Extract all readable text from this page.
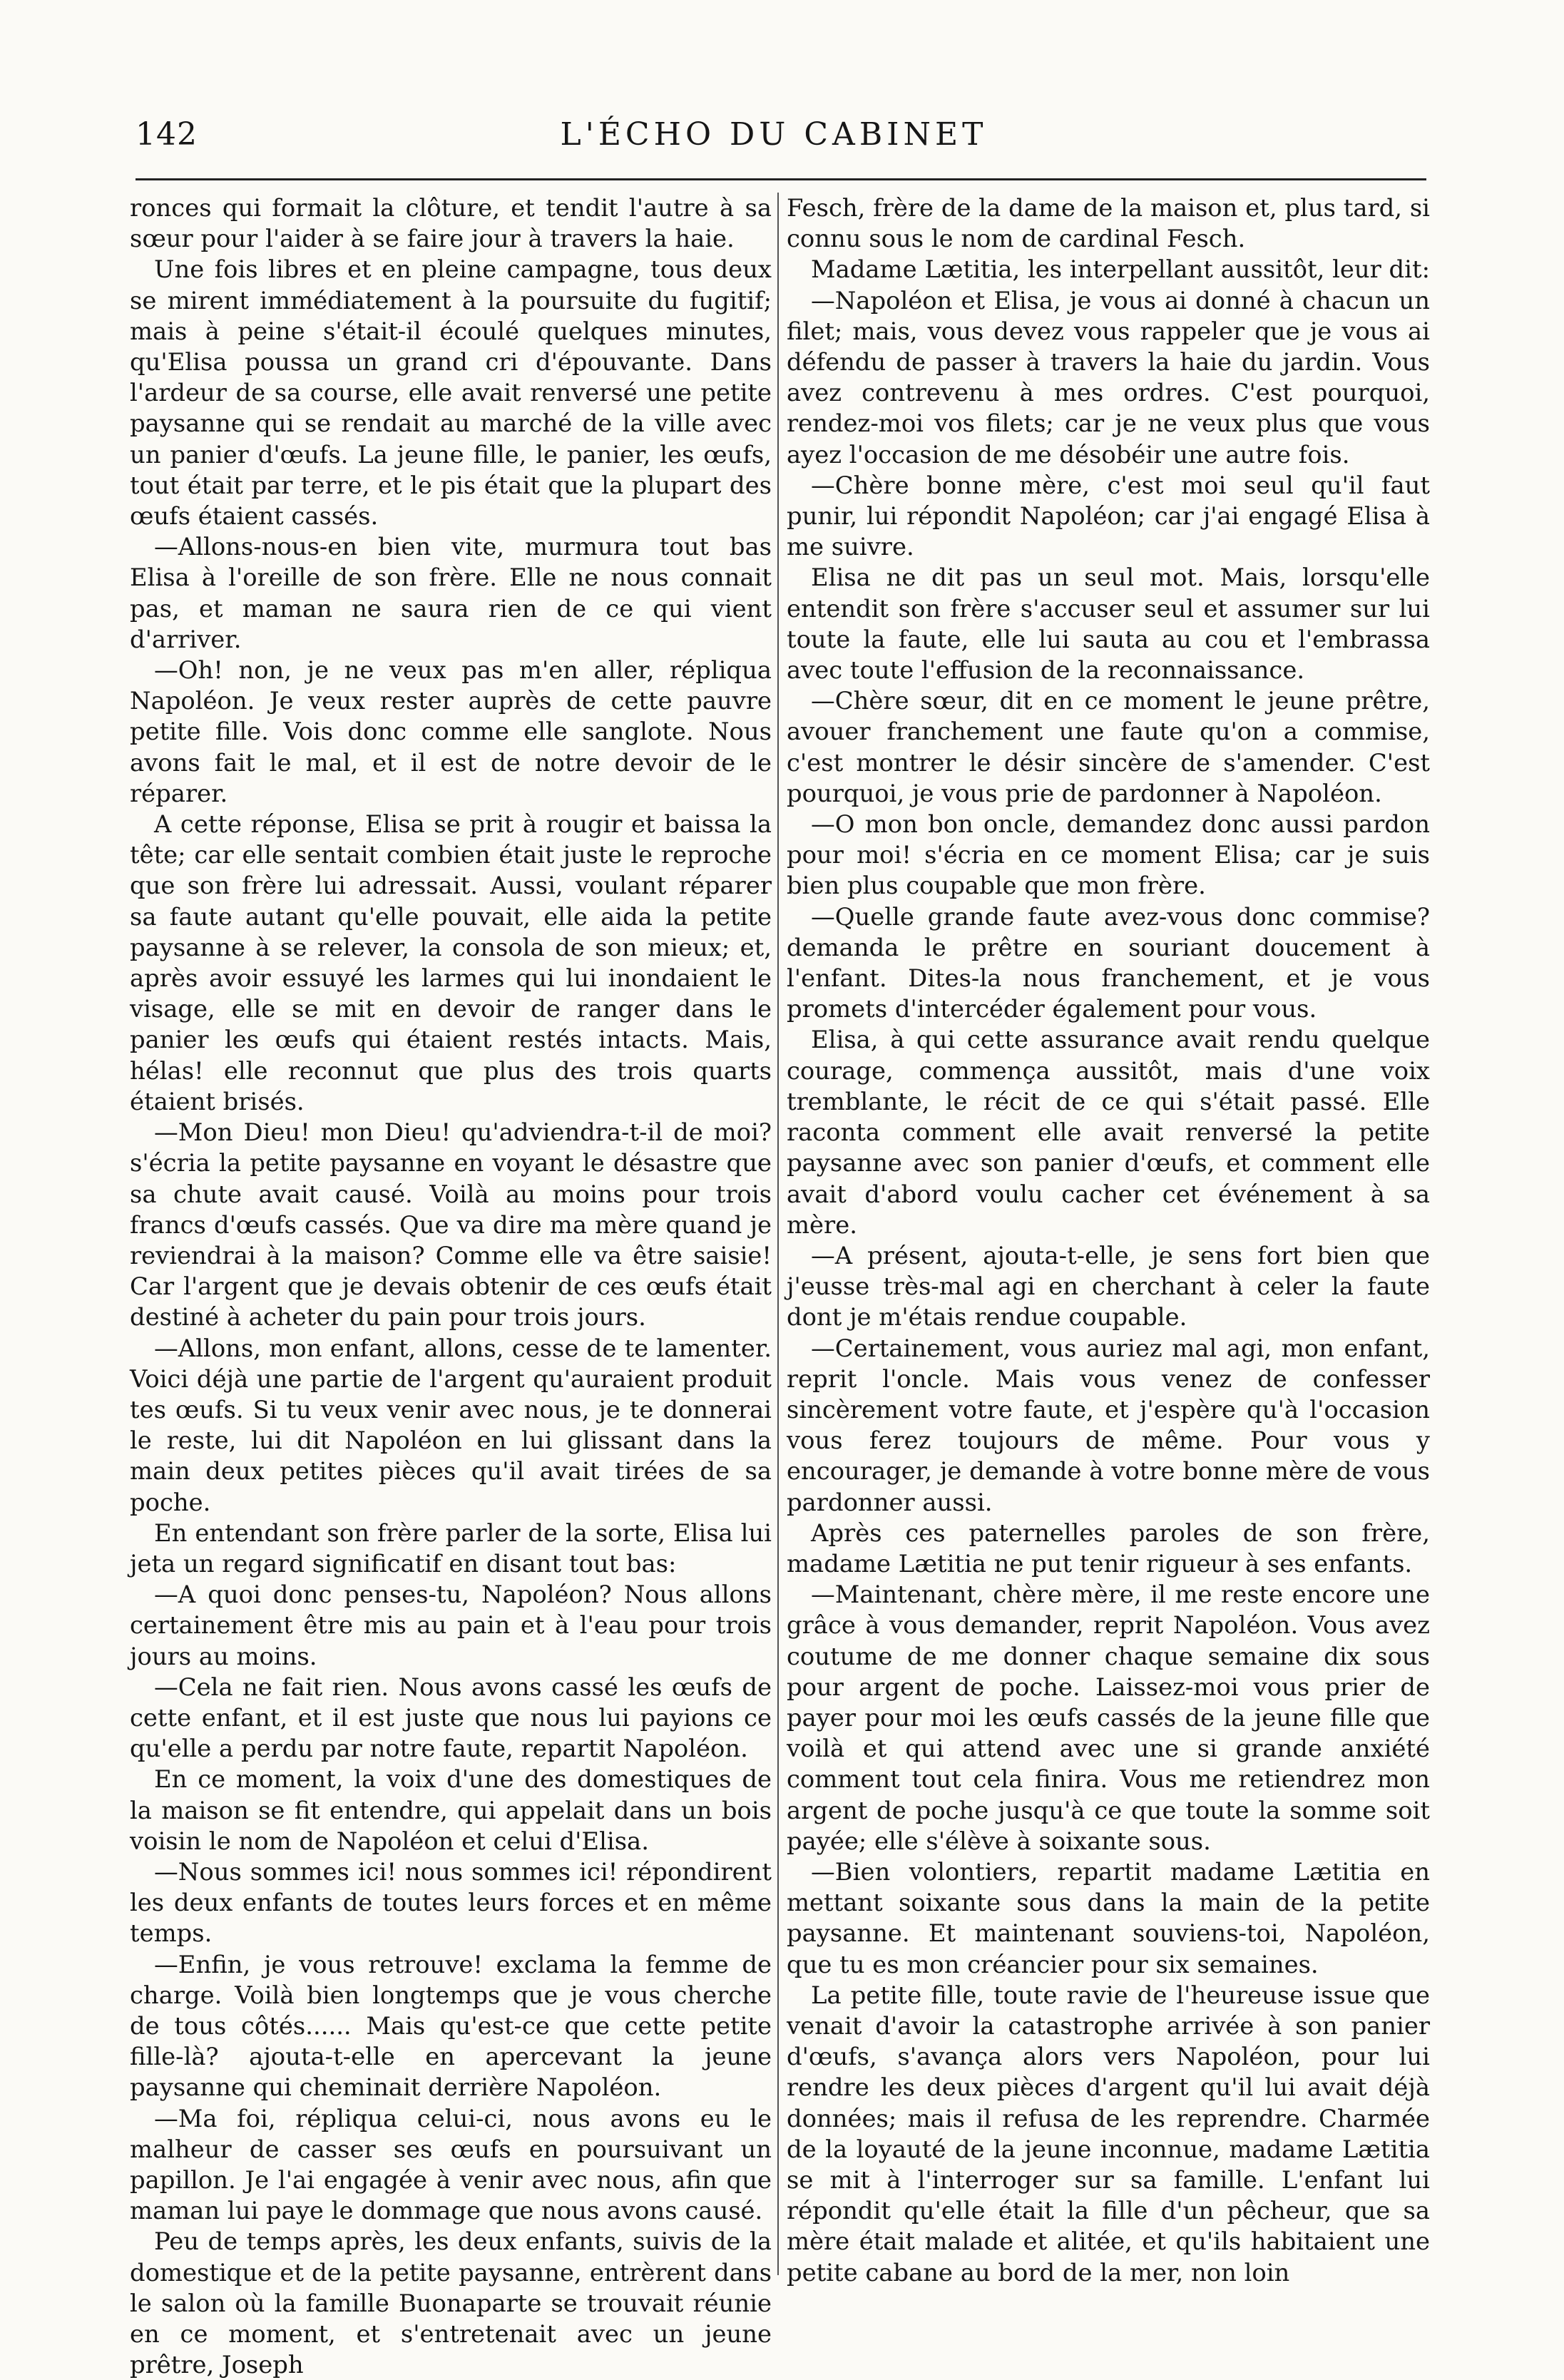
142	L'ÉCHO DU CABINET

ronces qui formait la clôture, et tendit l'autre à sa sœur pour l'aider à se faire jour à travers la haie.

Une fois libres et en pleine campagne, tous deux se mirent immédiatement à la poursuite du fugitif; mais à peine s'était-il écoulé quelques minutes, qu'Elisa poussa un grand cri d'épouvante. Dans l'ardeur de sa course, elle avait renversé une petite paysanne qui se rendait au marché de la ville avec un panier d'œufs. La jeune fille, le panier, les œufs, tout était par terre, et le pis était que la plupart des œufs étaient cassés.

—Allons-nous-en bien vite, murmura tout bas Elisa à l'oreille de son frère. Elle ne nous connait pas, et maman ne saura rien de ce qui vient d'arriver.

—Oh! non, je ne veux pas m'en aller, répliqua Napoléon. Je veux rester auprès de cette pauvre petite fille. Vois donc comme elle sanglote. Nous avons fait le mal, et il est de notre devoir de le réparer.

A cette réponse, Elisa se prit à rougir et baissa la tête; car elle sentait combien était juste le reproche que son frère lui adressait. Aussi, voulant réparer sa faute autant qu'elle pouvait, elle aida la petite paysanne à se relever, la consola de son mieux; et, après avoir essuyé les larmes qui lui inondaient le visage, elle se mit en devoir de ranger dans le panier les œufs qui étaient restés intacts. Mais, hélas! elle reconnut que plus des trois quarts étaient brisés.

—Mon Dieu! mon Dieu! qu'adviendra-t-il de moi? s'écria la petite paysanne en voyant le désastre que sa chute avait causé. Voilà au moins pour trois francs d'œufs cassés. Que va dire ma mère quand je reviendrai à la maison? Comme elle va être saisie! Car l'argent que je devais obtenir de ces œufs était destiné à acheter du pain pour trois jours.

—Allons, mon enfant, allons, cesse de te lamenter. Voici déjà une partie de l'argent qu'auraient produit tes œufs. Si tu veux venir avec nous, je te donnerai le reste, lui dit Napoléon en lui glissant dans la main deux petites pièces qu'il avait tirées de sa poche.

En entendant son frère parler de la sorte, Elisa lui jeta un regard significatif en disant tout bas:

—A quoi donc penses-tu, Napoléon? Nous allons certainement être mis au pain et à l'eau pour trois jours au moins.

—Cela ne fait rien. Nous avons cassé les œufs de cette enfant, et il est juste que nous lui payions ce qu'elle a perdu par notre faute, repartit Napoléon.

En ce moment, la voix d'une des domestiques de la maison se fit entendre, qui appelait dans un bois voisin le nom de Napoléon et celui d'Elisa.

—Nous sommes ici! nous sommes ici! répondirent les deux enfants de toutes leurs forces et en même temps.

—Enfin, je vous retrouve! exclama la femme de charge. Voilà bien longtemps que je vous cherche de tous côtés...... Mais qu'est-ce que cette petite fille-là? ajouta-t-elle en apercevant la jeune paysanne qui cheminait derrière Napoléon.

—Ma foi, répliqua celui-ci, nous avons eu le malheur de casser ses œufs en poursuivant un papillon. Je l'ai engagée à venir avec nous, afin que maman lui paye le dommage que nous avons causé.

Peu de temps après, les deux enfants, suivis de la domestique et de la petite paysanne, entrèrent dans le salon où la famille Buonaparte se trouvait réunie en ce moment, et s'entretenait avec un jeune prêtre, Joseph

Fesch, frère de la dame de la maison et, plus tard, si connu sous le nom de cardinal Fesch.

Madame Lætitia, les interpellant aussitôt, leur dit:

—Napoléon et Elisa, je vous ai donné à chacun un filet; mais, vous devez vous rappeler que je vous ai défendu de passer à travers la haie du jardin. Vous avez contrevenu à mes ordres. C'est pourquoi, rendez-moi vos filets; car je ne veux plus que vous ayez l'occasion de me désobéir une autre fois.

—Chère bonne mère, c'est moi seul qu'il faut punir, lui répondit Napoléon; car j'ai engagé Elisa à me suivre.

Elisa ne dit pas un seul mot. Mais, lorsqu'elle entendit son frère s'accuser seul et assumer sur lui toute la faute, elle lui sauta au cou et l'embrassa avec toute l'effusion de la reconnaissance.

—Chère sœur, dit en ce moment le jeune prêtre, avouer franchement une faute qu'on a commise, c'est montrer le désir sincère de s'amender. C'est pourquoi, je vous prie de pardonner à Napoléon.

—O mon bon oncle, demandez donc aussi pardon pour moi! s'écria en ce moment Elisa; car je suis bien plus coupable que mon frère.

—Quelle grande faute avez-vous donc commise? demanda le prêtre en souriant doucement à l'enfant. Dites-la nous franchement, et je vous promets d'intercéder également pour vous.

Elisa, à qui cette assurance avait rendu quelque courage, commença aussitôt, mais d'une voix tremblante, le récit de ce qui s'était passé. Elle raconta comment elle avait renversé la petite paysanne avec son panier d'œufs, et comment elle avait d'abord voulu cacher cet événement à sa mère.

—A présent, ajouta-t-elle, je sens fort bien que j'eusse très-mal agi en cherchant à celer la faute dont je m'étais rendue coupable.

—Certainement, vous auriez mal agi, mon enfant, reprit l'oncle. Mais vous venez de confesser sincèrement votre faute, et j'espère qu'à l'occasion vous ferez toujours de même. Pour vous y encourager, je demande à votre bonne mère de vous pardonner aussi.

Après ces paternelles paroles de son frère, madame Lætitia ne put tenir rigueur à ses enfants.

—Maintenant, chère mère, il me reste encore une grâce à vous demander, reprit Napoléon. Vous avez coutume de me donner chaque semaine dix sous pour argent de poche. Laissez-moi vous prier de payer pour moi les œufs cassés de la jeune fille que voilà et qui attend avec une si grande anxiété comment tout cela finira. Vous me retiendrez mon argent de poche jusqu'à ce que toute la somme soit payée; elle s'élève à soixante sous.

—Bien volontiers, repartit madame Lætitia en mettant soixante sous dans la main de la petite paysanne. Et maintenant souviens-toi, Napoléon, que tu es mon créancier pour six semaines.

La petite fille, toute ravie de l'heureuse issue que venait d'avoir la catastrophe arrivée à son panier d'œufs, s'avança alors vers Napoléon, pour lui rendre les deux pièces d'argent qu'il lui avait déjà données; mais il refusa de les reprendre. Charmée de la loyauté de la jeune inconnue, madame Lætitia se mit à l'interroger sur sa famille. L'enfant lui répondit qu'elle était la fille d'un pêcheur, que sa mère était malade et alitée, et qu'ils habitaient une petite cabane au bord de la mer, non loin
